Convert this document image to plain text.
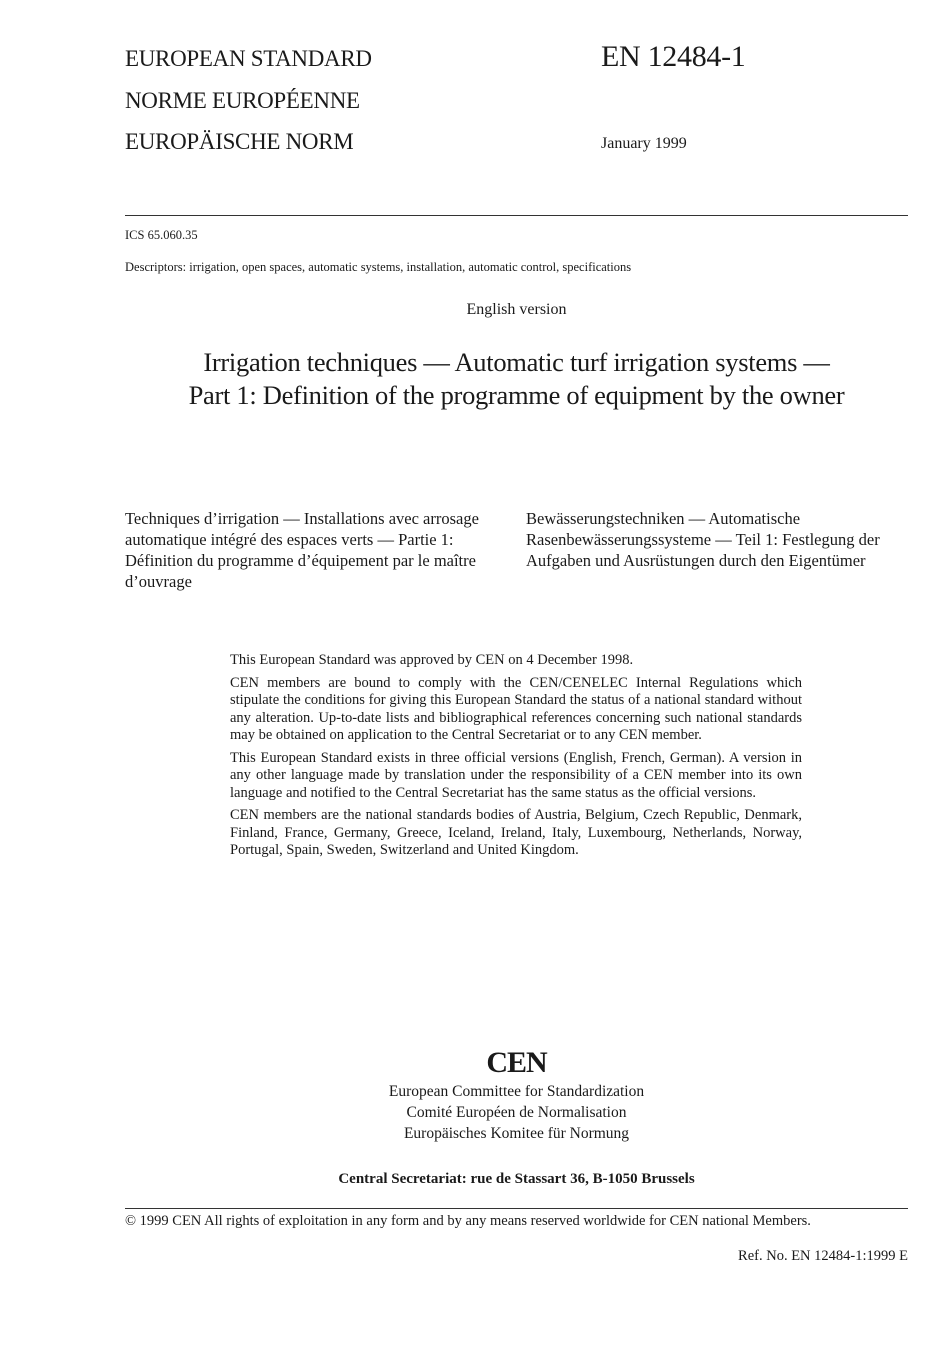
EUROPEAN STANDARD
NORME EUROPÉENNE
EUROPÄISCHE NORM
EN 12484-1
January 1999
ICS 65.060.35
Descriptors: irrigation, open spaces, automatic systems, installation, automatic control, specifications
English version
Irrigation techniques — Automatic turf irrigation systems —
Part 1: Definition of the programme of equipment by the owner
Techniques d’irrigation — Installations avec arrosage automatique intégré des espaces verts — Partie 1: Définition du programme d’équipement par le maître d’ouvrage
Bewässerungstechniken — Automatische Rasenbewässerungssysteme — Teil 1: Festlegung der Aufgaben und Ausrüstungen durch den Eigentümer

This European Standard was approved by CEN on 4 December 1998.

CEN members are bound to comply with the CEN/CENELEC Internal Regulations which stipulate the conditions for giving this European Standard the status of a national standard without any alteration. Up-to-date lists and bibliographical references concerning such national standards may be obtained on application to the Central Secretariat or to any CEN member.

This European Standard exists in three official versions (English, French, German). A version in any other language made by translation under the responsibility of a CEN member into its own language and notified to the Central Secretariat has the same status as the official versions.

CEN members are the national standards bodies of Austria, Belgium, Czech Republic, Denmark, Finland, France, Germany, Greece, Iceland, Ireland, Italy, Luxembourg, Netherlands, Norway, Portugal, Spain, Sweden, Switzerland and United Kingdom.

CEN
European Committee for Standardization
Comité Européen de Normalisation
Europäisches Komitee für Normung
Central Secretariat: rue de Stassart 36, B-1050 Brussels
© 1999 CEN All rights of exploitation in any form and by any means reserved worldwide for CEN national Members.
Ref. No. EN 12484-1:1999 E
